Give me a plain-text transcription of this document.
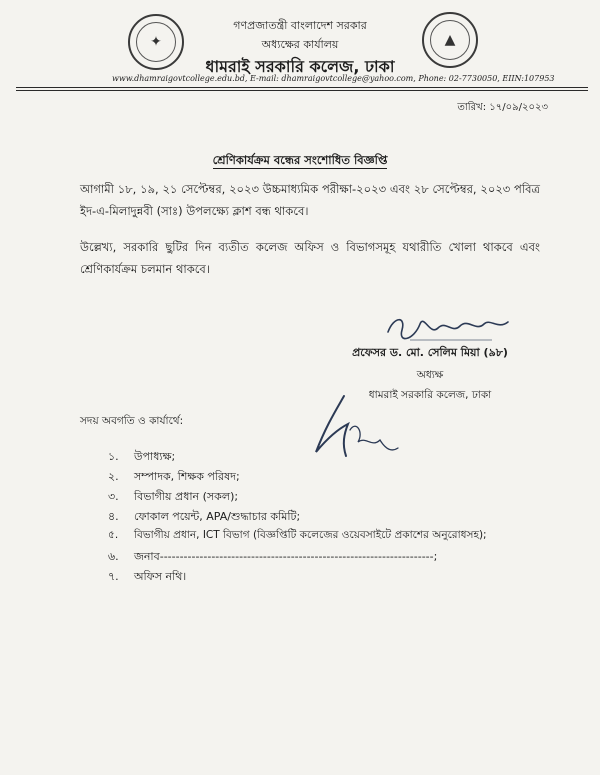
✦	▲
গণপ্রজাতন্ত্রী বাংলাদেশ সরকার
অধ্যক্ষের কার্যালয়
ধামরাই সরকারি কলেজ, ঢাকা
www.dhamraigovtcollege.edu.bd, E-mail: dhamraigovtcollege@yahoo.com, Phone: 02-7730050, EIIN:107953
তারিখ: ১৭/০৯/২০২৩
শ্রেণিকার্যক্রম বন্ধের সংশোধিত বিজ্ঞপ্তি
আগামী ১৮, ১৯, ২১ সেপ্টেম্বর, ২০২৩ উচ্চমাধ্যমিক পরীক্ষা-২০২৩ এবং ২৮ সেপ্টেম্বর, ২০২৩ পবিত্র ইদ-এ-মিলাদুন্নবী (সাঃ) উপলক্ষ্যে ক্লাশ বন্ধ থাকবে।
উল্লেখ্য, সরকারি ছুটির দিন ব্যতীত কলেজ অফিস ও বিভাগসমূহ যথারীতি খোলা থাকবে এবং শ্রেণিকার্যক্রম চলমান থাকবে।
প্রফেসর ড. মো. সেলিম মিয়া (৯৮)
অধ্যক্ষ
ধামরাই সরকারি কলেজ, ঢাকা
সদয় অবগতি ও কার্যার্থে:
১. উপাধ্যক্ষ;
২. সম্পাদক, শিক্ষক পরিষদ;
৩. বিভাগীয় প্রধান (সকল);
৪. ফোকাল পয়েন্ট, APA/শুদ্ধাচার কমিটি;
৫. বিভাগীয় প্রধান, ICT বিভাগ (বিজ্ঞপ্তিটি কলেজের ওয়েবসাইটে প্রকাশের অনুরোধসহ);
৬. জনাব---------------------------------------------------------------------;
৭. অফিস নথি।
